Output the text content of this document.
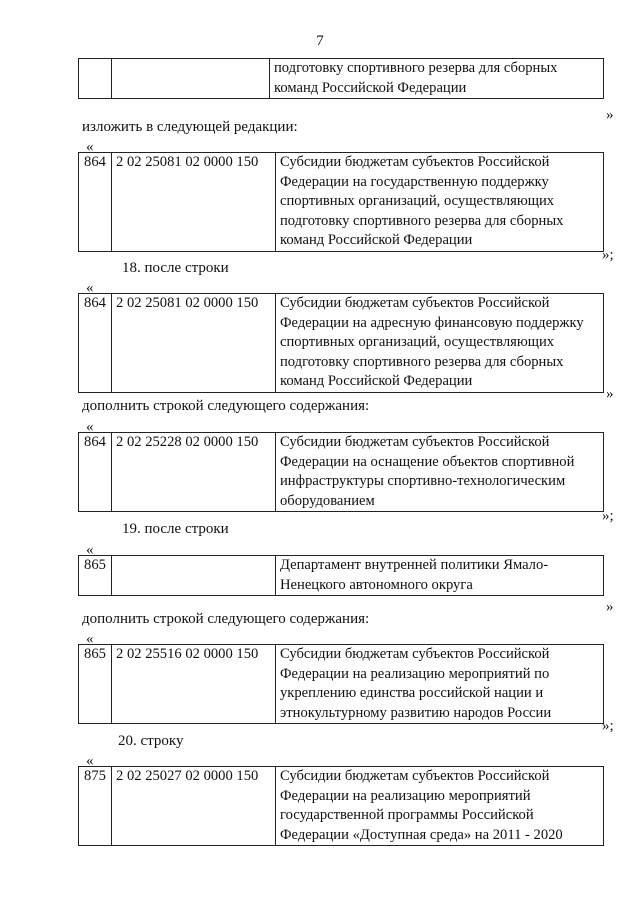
7

подготовку спортивного резерва для сборных
команд Российской Федерации
»
изложить в следующей редакции:
«
864	2 02 25081 02 0000 150	Субсидии бюджетам субъектов Российской
Федерации на государственную поддержку
спортивных организаций, осуществляющих
подготовку спортивного резерва для сборных
команд Российской Федерации
»;
18. после строки
«
864	2 02 25081 02 0000 150	Субсидии бюджетам субъектов Российской
Федерации на адресную финансовую поддержку
спортивных организаций, осуществляющих
подготовку спортивного резерва для сборных
команд Российской Федерации
»
дополнить строкой следующего содержания:
«
864	2 02 25228 02 0000 150	Субсидии бюджетам субъектов Российской
Федерации на оснащение объектов спортивной
инфраструктуры спортивно-технологическим
оборудованием
»;
19. после строки
«
865		Департамент внутренней политики Ямало-
Ненецкого автономного округа
»
дополнить строкой следующего содержания:
«
865	2 02 25516 02 0000 150	Субсидии бюджетам субъектов Российской
Федерации на реализацию мероприятий по
укреплению единства российской нации и
этнокультурному развитию народов России
»;
20. строку
«
875	2 02 25027 02 0000 150	Субсидии бюджетам субъектов Российской
Федерации на реализацию мероприятий
государственной программы Российской
Федерации «Доступная среда» на 2011 - 2020
